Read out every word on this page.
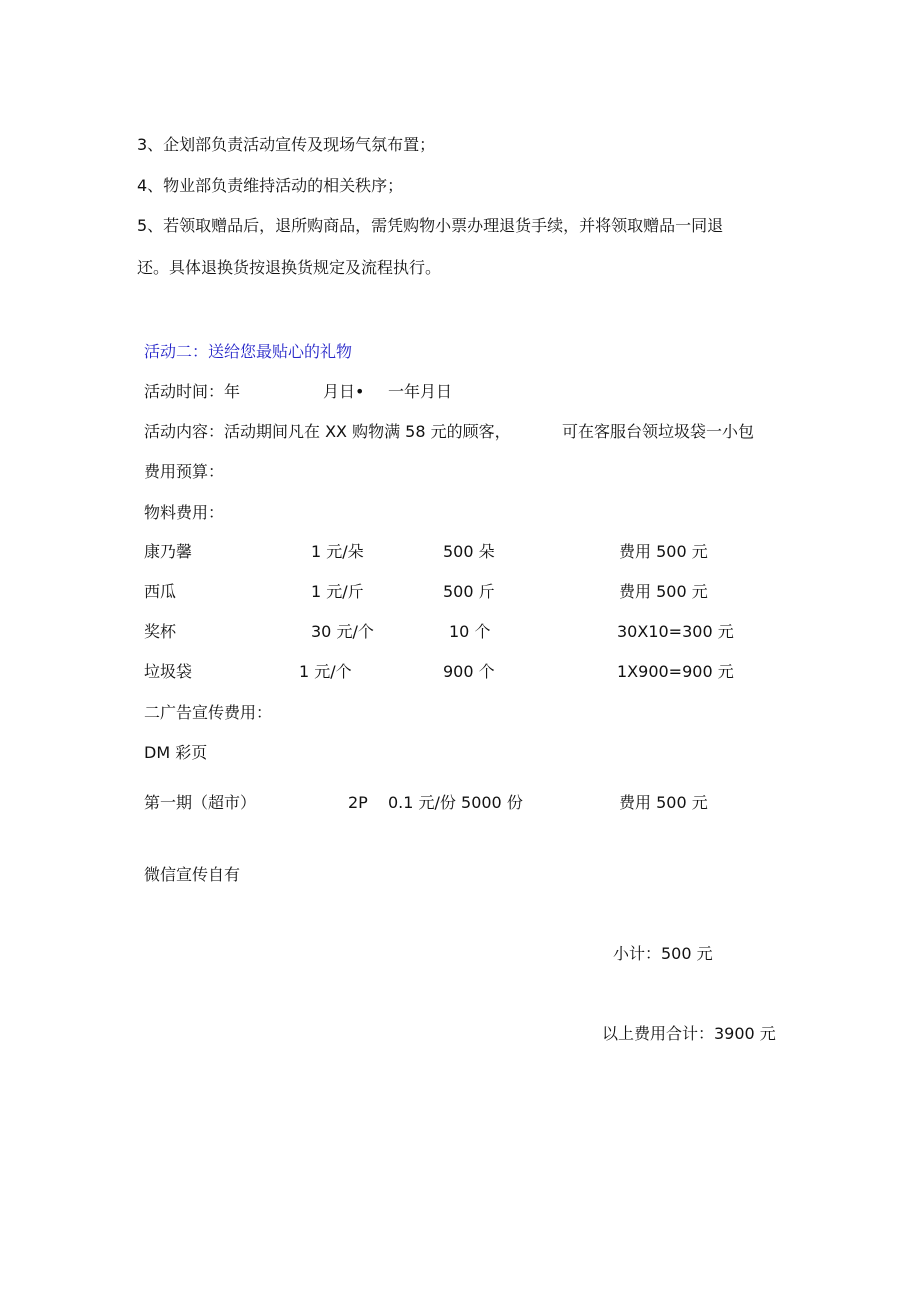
3、企划部负责活动宣传及现场气氛布置；
4、物业部负责维持活动的相关秩序；
5、若领取赠品后，退所购商品，需凭购物小票办理退货手续，并将领取赠品一同退
还。具体退换货按退换货规定及流程执行。
活动二：送给您最贴心的礼物
活动时间：年	月日• 一年月日
活动内容：活动期间凡在 XX 购物满 58 元的顾客，	可在客服台领垃圾袋一小包
费用预算：
物料费用：
康乃馨	1 元/朵	500 朵	费用 500 元
西瓜	1 元/斤	500 斤	费用 500 元
奖杯	30 元/个	10 个	30X10=300 元
垃圾袋	1 元/个	900 个	1X900=900 元
二广告宣传费用：
DM 彩页
第一期（超市）	2P 0.1 元/份 5000 份	费用 500 元
微信宣传自有
小计：500 元
以上费用合计：3900 元
